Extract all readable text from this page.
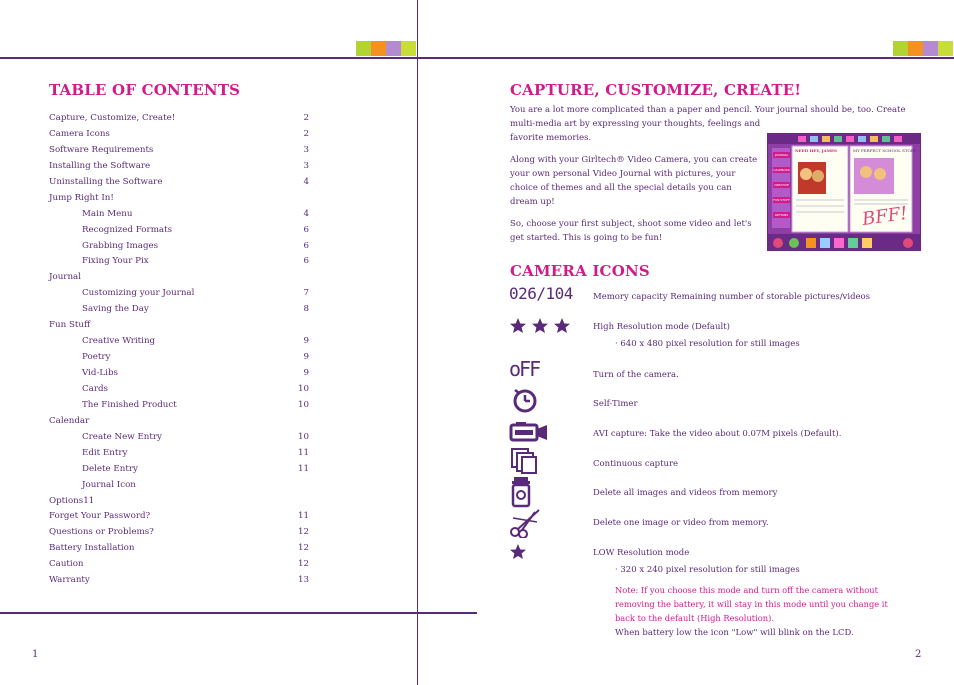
TABLE OF CONTENTS
Capture, Customize, Create!	2
Camera Icons	2
Software Requirements	3
Installing the Software	3
Uninstalling the Software	4
Jump Right In!
Main Menu	4
Recognized Formats	6
Grabbing Images	6
Fixing Your Pix	6
Journal
Customizing your Journal	7
Saving the Day	8
Fun Stuff
Creative Writing	9
Poetry	9
Vid-Libs	9
Cards	10
The Finished Product	10
Calendar
Create New Entry	10
Edit Entry	11
Delete Entry	11
Journal Icon
Options11
Forget Your Password?	11
Questions or Problems?	12
Battery Installation	12
Caution	12
Warranty	13
1
CAPTURE, CUSTOMIZE, CREATE!
You are a lot more complicated than a paper and pencil. Your journal should be, too. Create
multi-media art by expressing your thoughts, feelings and
favorite memories.
Along with your Girltech® Video Camera, you can create
your own personal Video Journal with pictures, your
choice of themes and all the special details you can
dream up!
So, choose your first subject, shoot some video and let's
get started. This is going to be fun!
NEED HEY, JAMES	MY PERFECT SCHOOL STORY
JOURNAL
CALENDAR
CREATIVE
FUN STUFF
OPTIONS	BFF!
CAMERA ICONS
026/104
oFF
Memory capacity Remaining number of storable pictures/videos
High Resolution mode (Default)
· 640 x 480 pixel resolution for still images
Turn of the camera.
Self-Timer
AVI capture: Take the video about 0.07M pixels (Default).
Continuous capture
Delete all images and videos from memory
Delete one image or video from memory.
LOW Resolution mode
· 320 x 240 pixel resolution for still images
Note: If you choose this mode and turn off the camera without removing the battery, it will stay in this mode until you change it back to the default (High Resolution).
When battery low the icon "Low" will blink on the LCD.
2
